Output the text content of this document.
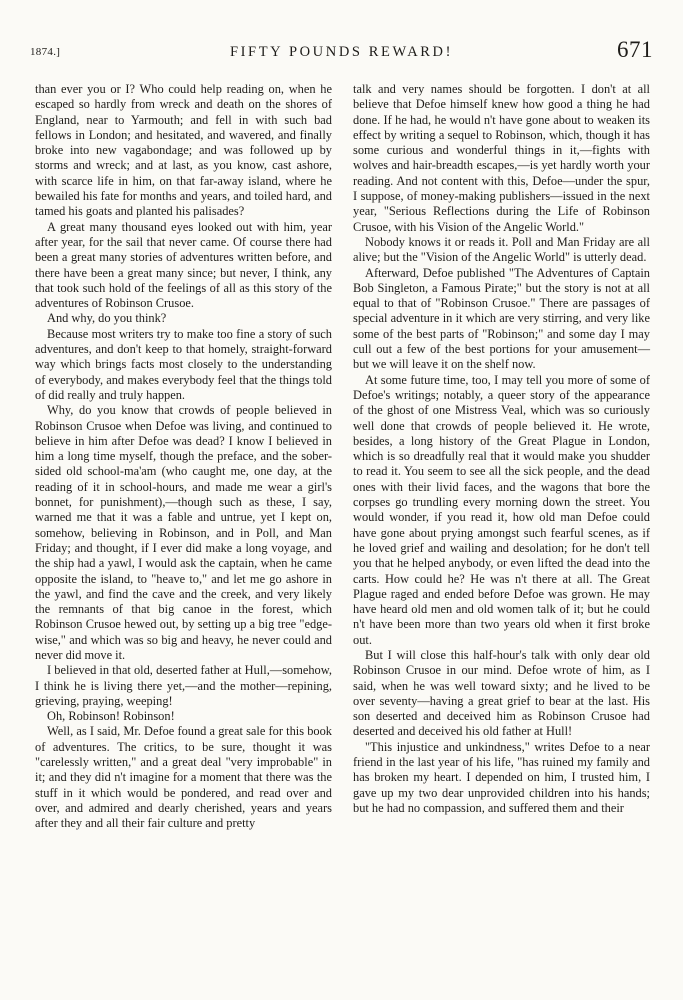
1874.]	FIFTY POUNDS REWARD!	671

than ever you or I? Who could help reading on, when he escaped so hardly from wreck and death on the shores of England, near to Yarmouth; and fell in with such bad fellows in London; and hesitated, and wavered, and finally broke into new vagabondage; and was followed up by storms and wreck; and at last, as you know, cast ashore, with scarce life in him, on that far-away island, where he bewailed his fate for months and years, and toiled hard, and tamed his goats and planted his palisades?

A great many thousand eyes looked out with him, year after year, for the sail that never came. Of course there had been a great many stories of adventures written before, and there have been a great many since; but never, I think, any that took such hold of the feelings of all as this story of the adventures of Robinson Crusoe.

And why, do you think?

Because most writers try to make too fine a story of such adventures, and don't keep to that homely, straight-forward way which brings facts most closely to the understanding of everybody, and makes everybody feel that the things told of did really and truly happen.

Why, do you know that crowds of people believed in Robinson Crusoe when Defoe was living, and continued to believe in him after Defoe was dead? I know I believed in him a long time myself, though the preface, and the sober-sided old school-ma'am (who caught me, one day, at the reading of it in school-hours, and made me wear a girl's bonnet, for punishment),—though such as these, I say, warned me that it was a fable and untrue, yet I kept on, somehow, believing in Robinson, and in Poll, and Man Friday; and thought, if I ever did make a long voyage, and the ship had a yawl, I would ask the captain, when he came opposite the island, to "heave to," and let me go ashore in the yawl, and find the cave and the creek, and very likely the remnants of that big canoe in the forest, which Robinson Crusoe hewed out, by setting up a big tree "edge-wise," and which was so big and heavy, he never could and never did move it.

I believed in that old, deserted father at Hull,—somehow, I think he is living there yet,—and the mother—repining, grieving, praying, weeping!

Oh, Robinson! Robinson!

Well, as I said, Mr. Defoe found a great sale for this book of adventures. The critics, to be sure, thought it was "carelessly written," and a great deal "very improbable" in it; and they did n't imagine for a moment that there was the stuff in it which would be pondered, and read over and over, and admired and dearly cherished, years and years after they and all their fair culture and pretty

talk and very names should be forgotten. I don't at all believe that Defoe himself knew how good a thing he had done. If he had, he would n't have gone about to weaken its effect by writing a sequel to Robinson, which, though it has some curious and wonderful things in it,—fights with wolves and hair-breadth escapes,—is yet hardly worth your reading. And not content with this, Defoe—under the spur, I suppose, of money-making publishers—issued in the next year, "Serious Reflections during the Life of Robinson Crusoe, with his Vision of the Angelic World."

Nobody knows it or reads it. Poll and Man Friday are all alive; but the "Vision of the Angelic World" is utterly dead.

Afterward, Defoe published "The Adventures of Captain Bob Singleton, a Famous Pirate;" but the story is not at all equal to that of "Robinson Crusoe." There are passages of special adventure in it which are very stirring, and very like some of the best parts of "Robinson;" and some day I may cull out a few of the best portions for your amusement—but we will leave it on the shelf now.

At some future time, too, I may tell you more of some of Defoe's writings; notably, a queer story of the appearance of the ghost of one Mistress Veal, which was so curiously well done that crowds of people believed it. He wrote, besides, a long history of the Great Plague in London, which is so dreadfully real that it would make you shudder to read it. You seem to see all the sick people, and the dead ones with their livid faces, and the wagons that bore the corpses go trundling every morning down the street. You would wonder, if you read it, how old man Defoe could have gone about prying amongst such fearful scenes, as if he loved grief and wailing and desolation; for he don't tell you that he helped anybody, or even lifted the dead into the carts. How could he? He was n't there at all. The Great Plague raged and ended before Defoe was grown. He may have heard old men and old women talk of it; but he could n't have been more than two years old when it first broke out.

But I will close this half-hour's talk with only dear old Robinson Crusoe in our mind. Defoe wrote of him, as I said, when he was well toward sixty; and he lived to be over seventy—having a great grief to bear at the last. His son deserted and deceived him as Robinson Crusoe had deserted and deceived his old father at Hull!

"This injustice and unkindness," writes Defoe to a near friend in the last year of his life, "has ruined my family and has broken my heart. I depended on him, I trusted him, I gave up my two dear unprovided children into his hands; but he had no compassion, and suffered them and their
